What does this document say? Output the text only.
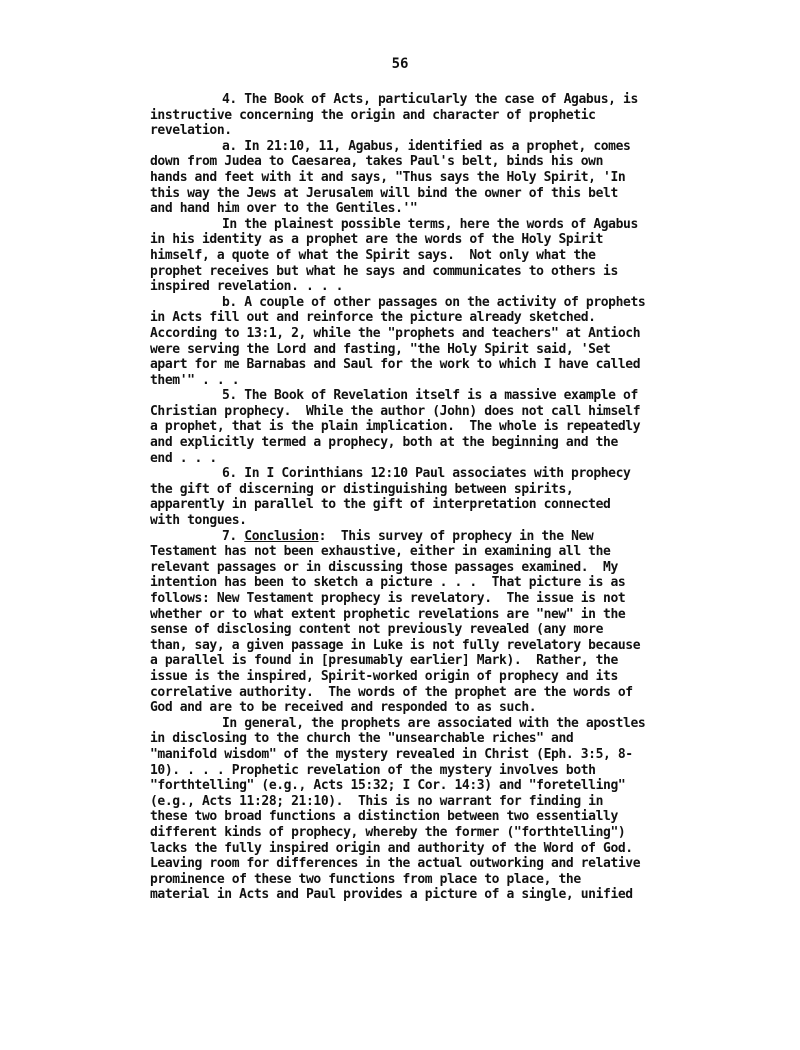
56
4. The Book of Acts, particularly the case of Agabus, is
instructive concerning the origin and character of prophetic
revelation.
a. In 21:10, 11, Agabus, identified as a prophet, comes
down from Judea to Caesarea, takes Paul's belt, binds his own
hands and feet with it and says, "Thus says the Holy Spirit, 'In
this way the Jews at Jerusalem will bind the owner of this belt
and hand him over to the Gentiles.'"
In the plainest possible terms, here the words of Agabus
in his identity as a prophet are the words of the Holy Spirit
himself, a quote of what the Spirit says.  Not only what the
prophet receives but what he says and communicates to others is
inspired revelation. . . .
b. A couple of other passages on the activity of prophets
in Acts fill out and reinforce the picture already sketched.
According to 13:1, 2, while the "prophets and teachers" at Antioch
were serving the Lord and fasting, "the Holy Spirit said, 'Set
apart for me Barnabas and Saul for the work to which I have called
them'" . . .
5. The Book of Revelation itself is a massive example of
Christian prophecy.  While the author (John) does not call himself
a prophet, that is the plain implication.  The whole is repeatedly
and explicitly termed a prophecy, both at the beginning and the
end . . .
6. In I Corinthians 12:10 Paul associates with prophecy
the gift of discerning or distinguishing between spirits,
apparently in parallel to the gift of interpretation connected
with tongues.
7. Conclusion:  This survey of prophecy in the New
Testament has not been exhaustive, either in examining all the
relevant passages or in discussing those passages examined.  My
intention has been to sketch a picture . . .  That picture is as
follows: New Testament prophecy is revelatory.  The issue is not
whether or to what extent prophetic revelations are "new" in the
sense of disclosing content not previously revealed (any more
than, say, a given passage in Luke is not fully revelatory because
a parallel is found in [presumably earlier] Mark).  Rather, the
issue is the inspired, Spirit-worked origin of prophecy and its
correlative authority.  The words of the prophet are the words of
God and are to be received and responded to as such.
In general, the prophets are associated with the apostles
in disclosing to the church the "unsearchable riches" and
"manifold wisdom" of the mystery revealed in Christ (Eph. 3:5, 8-
10). . . . Prophetic revelation of the mystery involves both
"forthtelling" (e.g., Acts 15:32; I Cor. 14:3) and "foretelling"
(e.g., Acts 11:28; 21:10).  This is no warrant for finding in
these two broad functions a distinction between two essentially
different kinds of prophecy, whereby the former ("forthtelling")
lacks the fully inspired origin and authority of the Word of God.
Leaving room for differences in the actual outworking and relative
prominence of these two functions from place to place, the
material in Acts and Paul provides a picture of a single, unified
